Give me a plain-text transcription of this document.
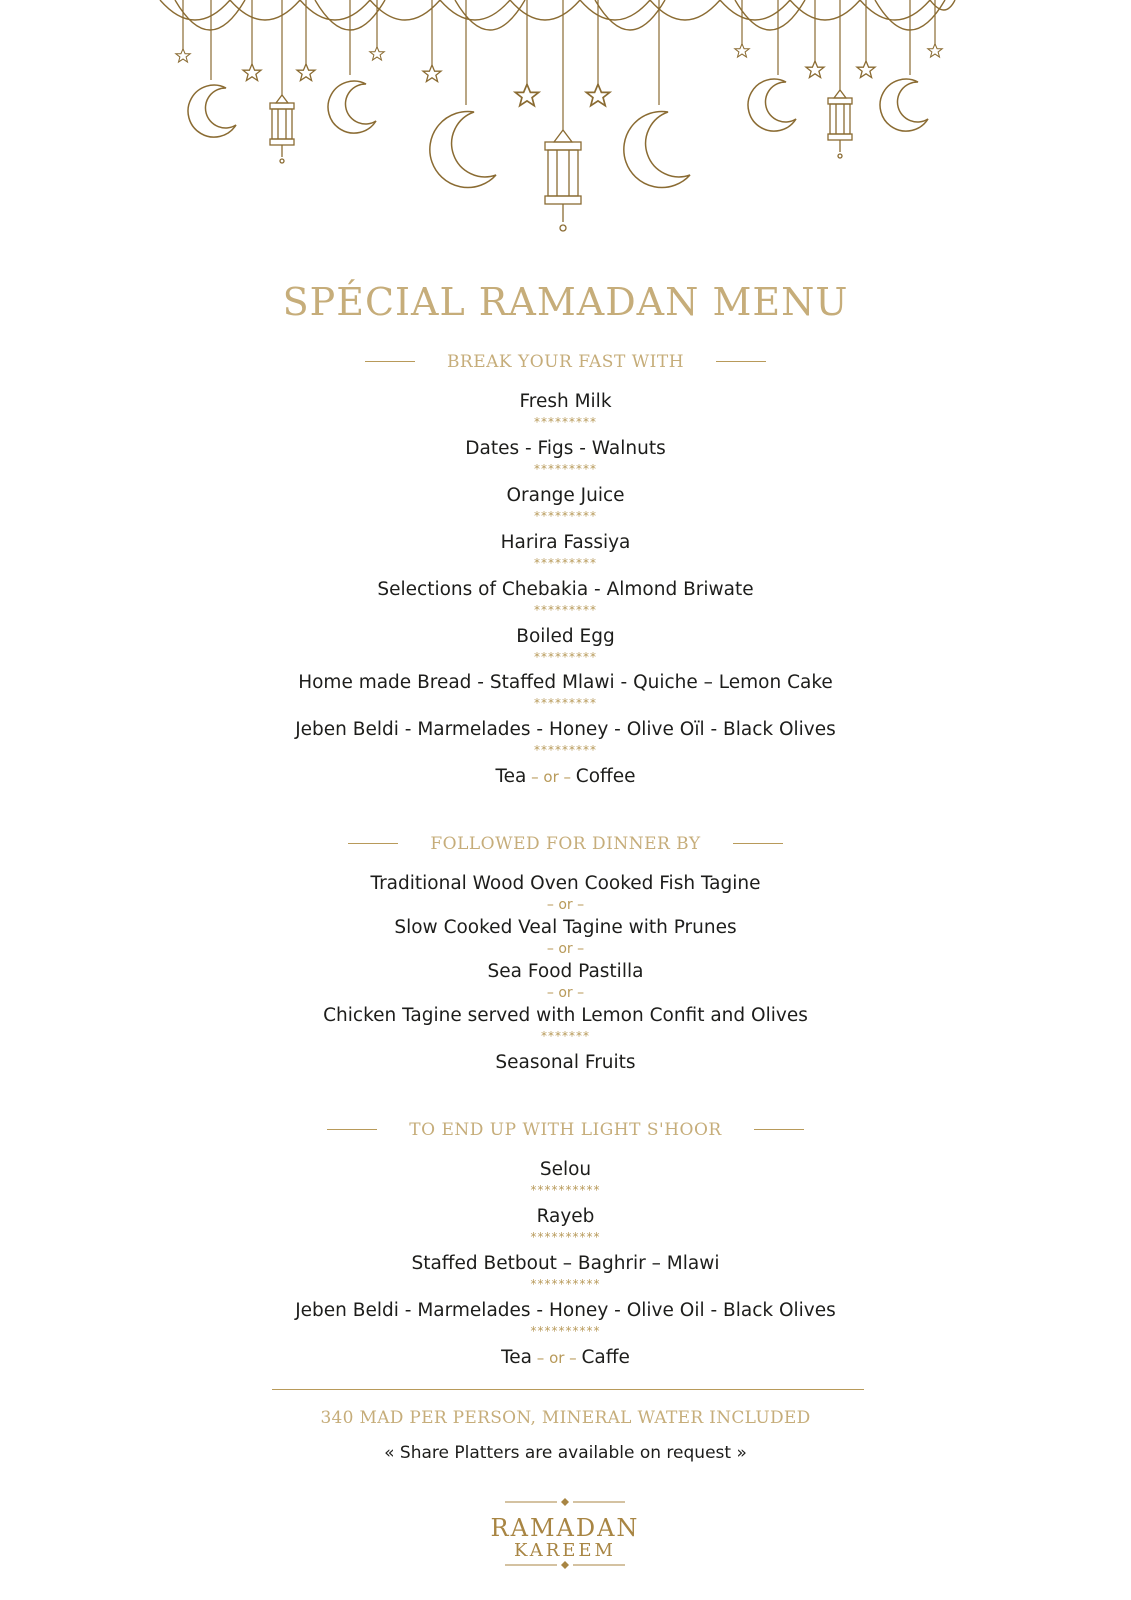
SPÉCIAL RAMADAN MENU
BREAK YOUR FAST WITH
Fresh Milk
*********
Dates - Figs - Walnuts
*********
Orange Juice
*********
Harira Fassiya
*********
Selections of Chebakia - Almond Briwate
*********
Boiled Egg
*********
Home made Bread - Staffed Mlawi - Quiche – Lemon Cake
*********
Jeben Beldi - Marmelades - Honey - Olive Oïl - Black Olives
*********
Tea – or – Coffee
FOLLOWED FOR DINNER BY
Traditional Wood Oven Cooked Fish Tagine
– or –
Slow Cooked Veal Tagine with Prunes
– or –
Sea Food Pastilla
– or –
Chicken Tagine served with Lemon Confit and Olives
*******
Seasonal Fruits
TO END UP WITH LIGHT S'HOOR
Selou
**********
Rayeb
**********
Staffed Betbout – Baghrir – Mlawi
**********
Jeben Beldi - Marmelades - Honey - Olive Oil - Black Olives
**********
Tea – or – Caffe
340 MAD PER PERSON, MINERAL WATER INCLUDED
« Share Platters are available on request »
RAMADAN
KAREEM
